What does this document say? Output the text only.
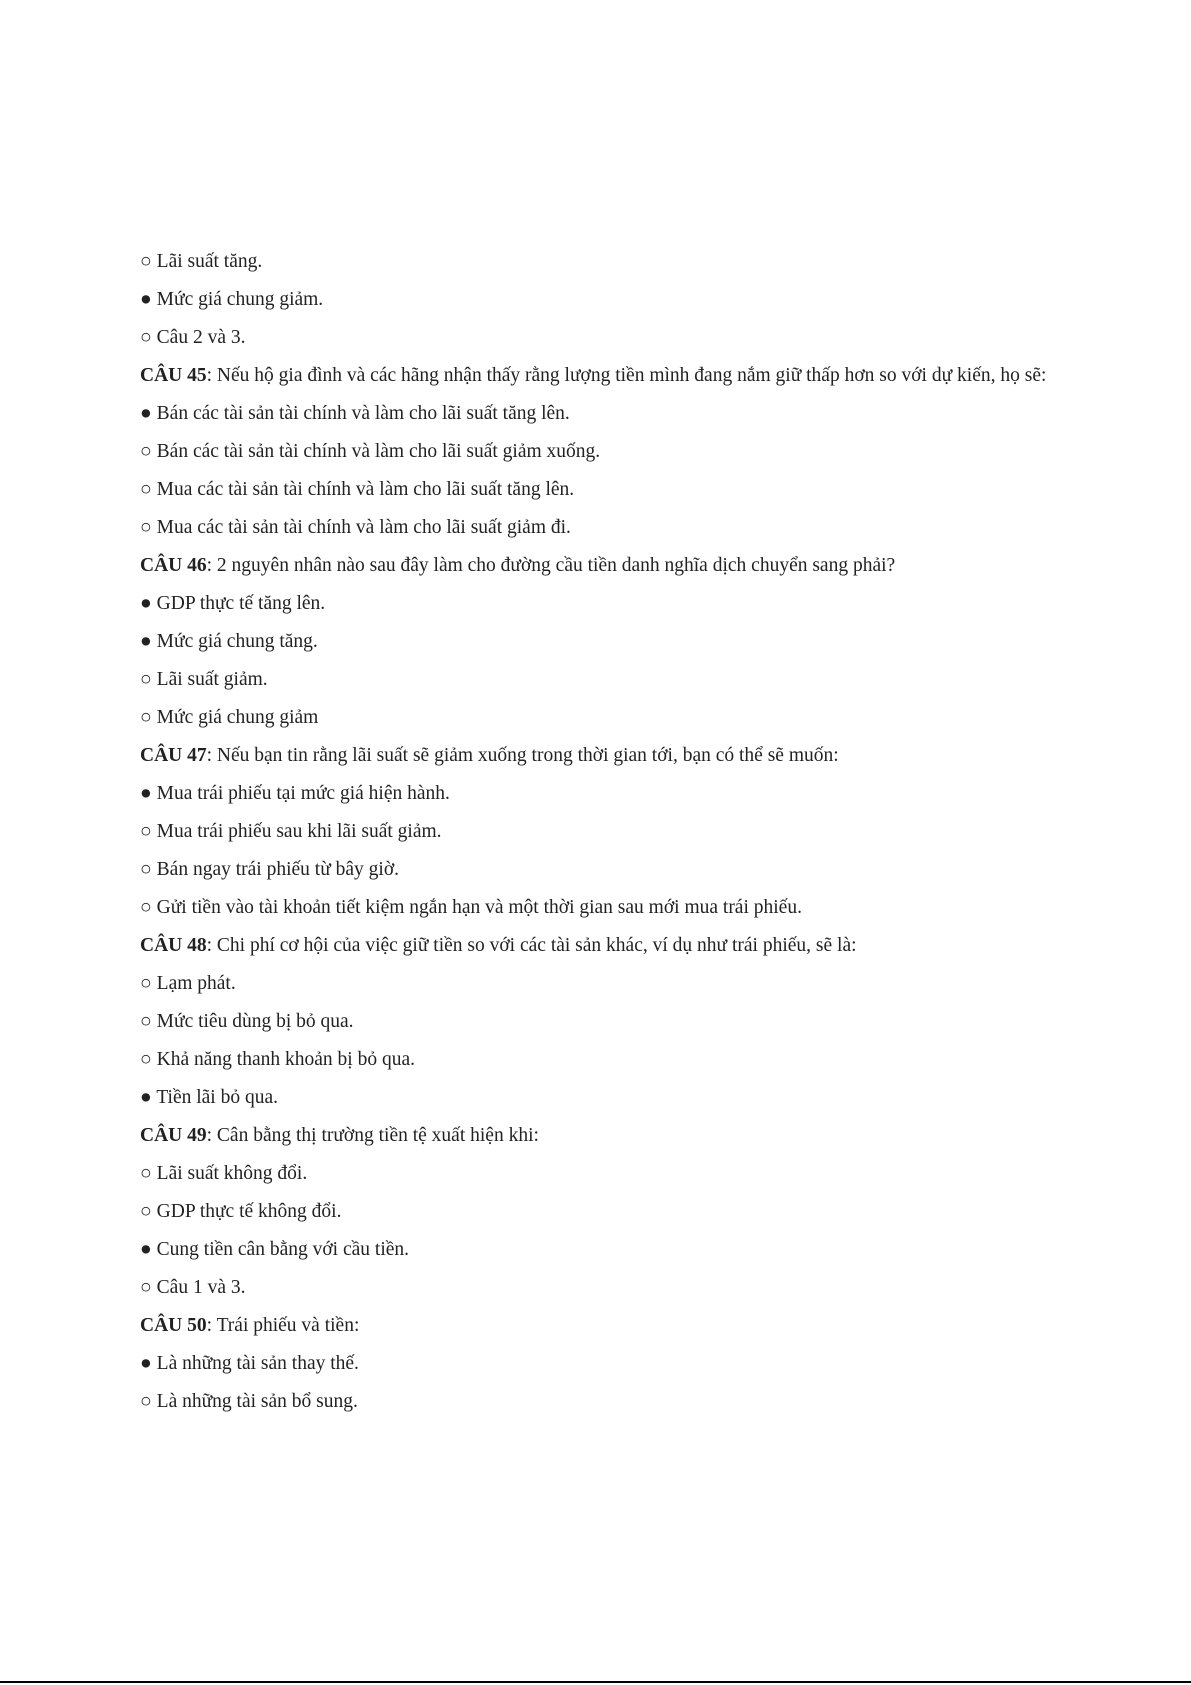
○ Lãi suất tăng.
● Mức giá chung giảm.
○ Câu 2 và 3.
CÂU 45: Nếu hộ gia đình và các hãng nhận thấy rằng lượng tiền mình đang nắm giữ thấp hơn so với dự kiến, họ sẽ:
● Bán các tài sản tài chính và làm cho lãi suất tăng lên.
○ Bán các tài sản tài chính và làm cho lãi suất giảm xuống.
○ Mua các tài sản tài chính và làm cho lãi suất tăng lên.
○ Mua các tài sản tài chính và làm cho lãi suất giảm đi.
CÂU 46: 2 nguyên nhân nào sau đây làm cho đường cầu tiền danh nghĩa dịch chuyển sang phải?
● GDP thực tế tăng lên.
● Mức giá chung tăng.
○ Lãi suất giảm.
○ Mức giá chung giảm
CÂU 47: Nếu bạn tin rằng lãi suất sẽ giảm xuống trong thời gian tới, bạn có thể sẽ muốn:
● Mua trái phiếu tại mức giá hiện hành.
○ Mua trái phiếu sau khi lãi suất giảm.
○ Bán ngay trái phiếu từ bây giờ.
○ Gửi tiền vào tài khoản tiết kiệm ngắn hạn và một thời gian sau mới mua trái phiếu.
CÂU 48: Chi phí cơ hội của việc giữ tiền so với các tài sản khác, ví dụ như trái phiếu, sẽ là:
○ Lạm phát.
○ Mức tiêu dùng bị bỏ qua.
○ Khả năng thanh khoản bị bỏ qua.
● Tiền lãi bỏ qua.
CÂU 49: Cân bằng thị trường tiền tệ xuất hiện khi:
○ Lãi suất không đổi.
○ GDP thực tế không đổi.
● Cung tiền cân bằng với cầu tiền.
○ Câu 1 và 3.
CÂU 50: Trái phiếu và tiền:
● Là những tài sản thay thế.
○ Là những tài sản bổ sung.
